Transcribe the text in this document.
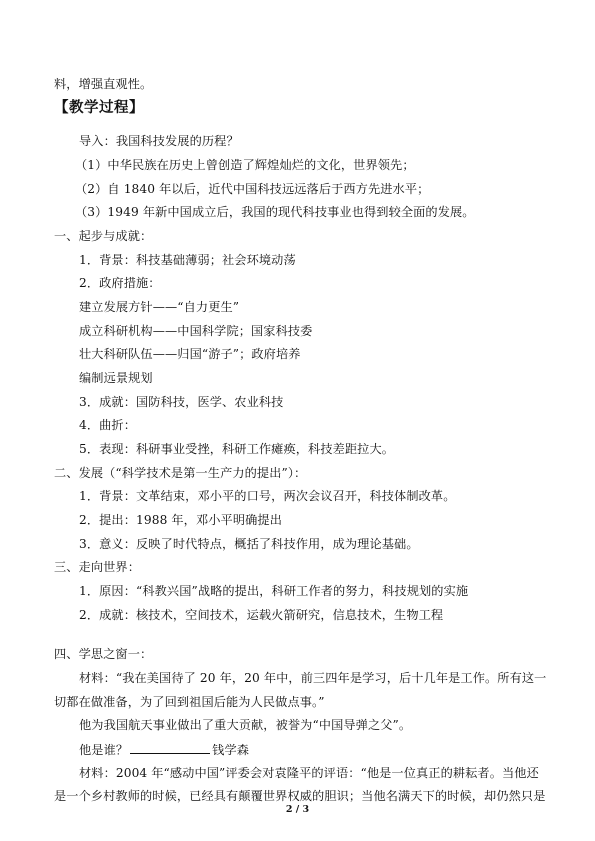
料，增强直观性。
【教学过程】
导入：我国科技发展的历程？
（1）中华民族在历史上曾创造了辉煌灿烂的文化，世界领先；
（2）自 1840 年以后，近代中国科技远远落后于西方先进水平；
（3）1949 年新中国成立后，我国的现代科技事业也得到较全面的发展。
一、起步与成就：
1．背景：科技基础薄弱；社会环境动荡
2．政府措施：
建立发展方针——“自力更生”
成立科研机构——中国科学院；国家科技委
壮大科研队伍——归国“游子”；政府培养
编制远景规划
3．成就：国防科技，医学、农业科技
4．曲折：
5．表现：科研事业受挫，科研工作瘫痪，科技差距拉大。
二、发展（“科学技术是第一生产力的提出”）：
1．背景：文革结束，邓小平的口号，两次会议召开，科技体制改革。
2．提出：1988 年，邓小平明确提出
3．意义：反映了时代特点，概括了科技作用，成为理论基础。
三、走向世界：
1．原因：“科教兴国”战略的提出，科研工作者的努力，科技规划的实施
2．成就：核技术，空间技术，运载火箭研究，信息技术，生物工程
四、学思之窗一：
材料：“我在美国待了 20 年，20 年中，前三四年是学习，后十几年是工作。所有这一
切都在做准备，为了回到祖国后能为人民做点事。”
他为我国航天事业做出了重大贡献，被誉为“中国导弹之父”。
他是谁？	钱学森
材料：2004 年“感动中国”评委会对袁隆平的评语：“他是一位真正的耕耘者。当他还
是一个乡村教师的时候，已经具有颠覆世界权威的胆识；当他名满天下的时候，却仍然只是
2 / 3
